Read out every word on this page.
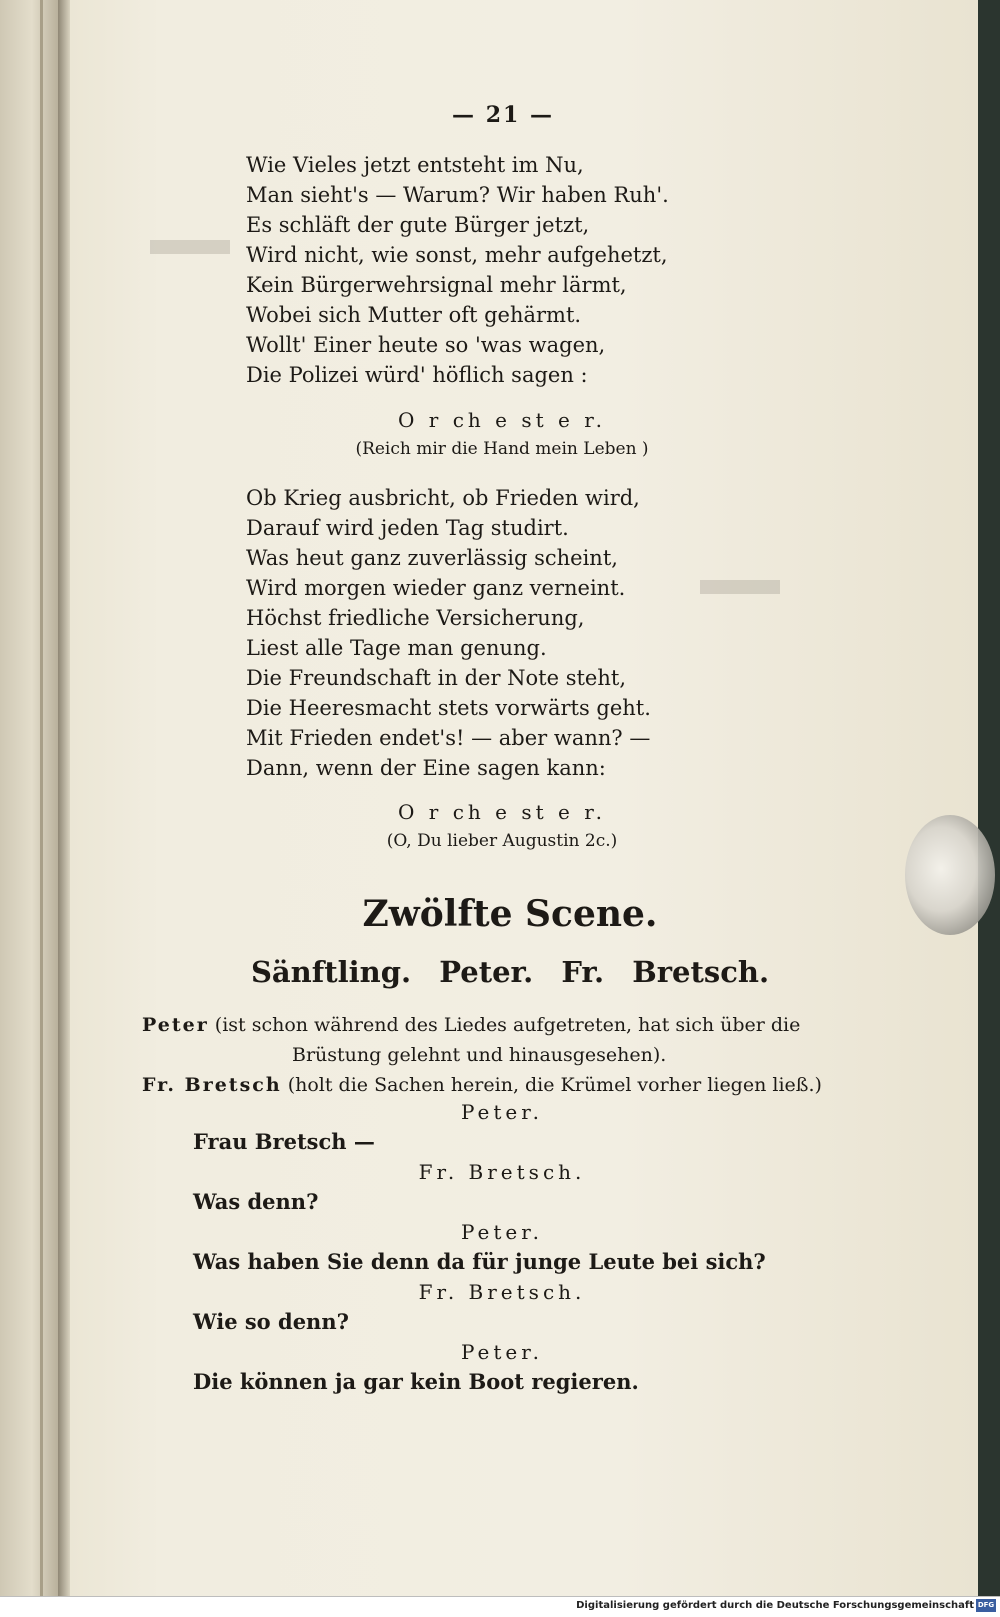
— 21 —
Wie Vieles jetzt entsteht im Nu,
Man sieht's — Warum? Wir haben Ruh'.
Es schläft der gute Bürger jetzt,
Wird nicht, wie sonst, mehr aufgehetzt,
Kein Bürgerwehrsignal mehr lärmt,
Wobei sich Mutter oft gehärmt.
Wollt' Einer heute so 'was wagen,
Die Polizei würd' höflich sagen :
O r ch e st e r.
(Reich mir die Hand mein Leben )
Ob Krieg ausbricht, ob Frieden wird,
Darauf wird jeden Tag studirt.
Was heut ganz zuverlässig scheint,
Wird morgen wieder ganz verneint.
Höchst friedliche Versicherung,
Liest alle Tage man genung.
Die Freundschaft in der Note steht,
Die Heeresmacht stets vorwärts geht.
Mit Frieden endet's! — aber wann? —
Dann, wenn der Eine sagen kann:
O r ch e st e r.
(O, Du lieber Augustin 2c.)
Zwölfte Scene.
Sänftling. Peter. Fr. Bretsch.
Peter (ist schon während des Liedes aufgetreten, hat sich über die
Brüstung gelehnt und hinausgesehen).
Fr. Bretsch (holt die Sachen herein, die Krümel vorher liegen ließ.)
Peter.
Frau Bretsch —
Fr. Bretsch.
Was denn?
Peter.
Was haben Sie denn da für junge Leute bei sich?
Fr. Bretsch.
Wie so denn?
Peter.
Die können ja gar kein Boot regieren.
Digitalisierung gefördert durch die Deutsche Forschungsgemeinschaft DFG
